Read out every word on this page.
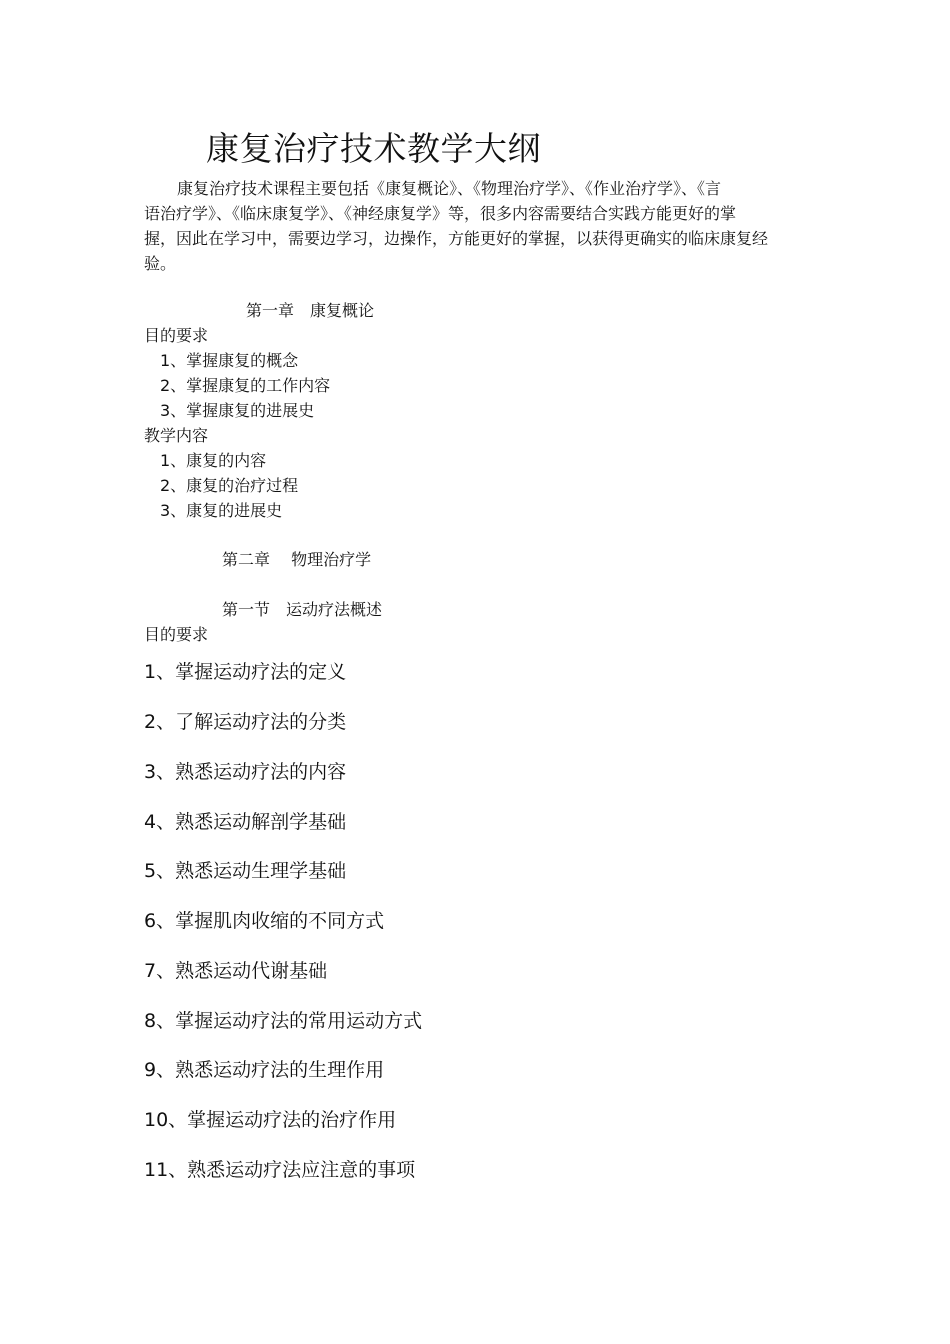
康复治疗技术教学大纲
康复治疗技术课程主要包括《康复概论》、《物理治疗学》、《作业治疗学》、《言
语治疗学》、《临床康复学》、《神经康复学》等，很多内容需要结合实践方能更好的掌
握，因此在学习中，需要边学习，边操作，方能更好的掌握，以获得更确实的临床康复经
验。
第一章　康复概论
目的要求
1、掌握康复的概念
2、掌握康复的工作内容
3、掌握康复的进展史
教学内容
1、康复的内容
2、康复的治疗过程
3、康复的进展史
第二章　 物理治疗学
第一节　运动疗法概述
目的要求
1、掌握运动疗法的定义
2、了解运动疗法的分类
3、熟悉运动疗法的内容
4、熟悉运动解剖学基础
5、熟悉运动生理学基础
6、掌握肌肉收缩的不同方式
7、熟悉运动代谢基础
8、掌握运动疗法的常用运动方式
9、熟悉运动疗法的生理作用
10、掌握运动疗法的治疗作用
11、熟悉运动疗法应注意的事项
